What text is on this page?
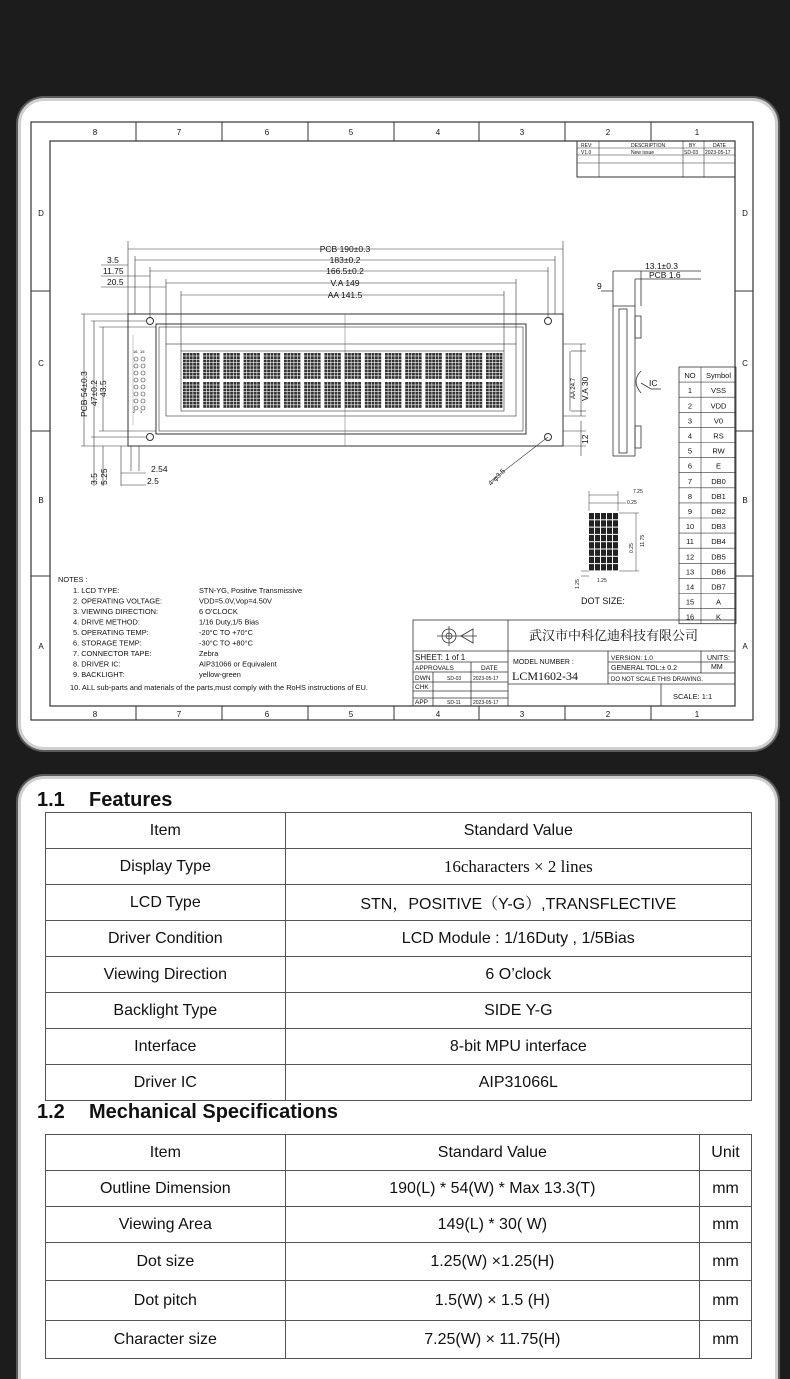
8
8
7
7
6
6
5
5
4
4
3
3
2
2
1
1
D	D
C	C
B	B
A	A
REV:	DESCRIPTION	BY	DATE
V1.0	New issue	SD-03 2023-05-17
16 15
2 1
PCB 190±0.3
183±0.2
166.5±0.2
V.A 149
AA 141.5
3.5
11.75
20.5
PCB 54±0.3 47±0.2 43.5
3.5 5.25	2.54
2.5
V.A 30
AA 24.7
12
4-φ3.5
13.1±0.3
PCB 1.6
9
IC
NO Symbol
1	VSS
2 VDD
3	V0
4	RS
5	RW
6	E
7	DB0
8	DB1
9	DB2
10 DB3
11 DB4
12 DB5
13 DB6
14 DB7
15	A
16	K
7.25
0.25
0.25
11.75
1.25	1.25
DOT SIZE:
NOTES :
1. LCD TYPE:	STN-YG, Positive Transmissive
2. OPERATING VOLTAGE:	VDD=5.0V,Vop=4.50V
3. VIEWING DIRECTION:	6 O'CLOCK
4. DRIVE METHOD:	1/16 Duty,1/5 Bias
5. OPERATING TEMP:	-20°C TO +70°C
6. STORAGE TEMP:	-30°C TO +80°C
7. CONNECTOR TAPE:	Zebra
8. DRIVER IC:	AIP31066 or Equivalent
9. BACKLIGHT:	yellow-green
10. ALL sub-parts and materials of the parts,must comply with the RoHS instructions of EU.
武汉市中科亿迪科技有限公司
SHEET: 1 of 1
APPROVALS	DATE
DWN	SD-03 2023-05-17
CHK
APP	SD-11 2023-05-17
MODEL NUMBER :
LCM1602-34
VERSION: 1.0
GENERAL TOL:± 0.2
UNITS:
MM
DO NOT SCALE THIS DRAWING.
SCALE: 1:1
1.1 Features
Item	Standard Value
Display Type	16characters × 2 lines
LCD Type	STN，POSITIVE（Y-G）,TRANSFLECTIVE
Driver Condition	LCD Module : 1/16Duty , 1/5Bias
Viewing Direction	6 O’clock
Backlight Type	SIDE Y-G
Interface	8-bit MPU interface
Driver IC	AIP31066L
1.2 Mechanical Specifications
Item	Standard Value	Unit
Outline Dimension	190(L) * 54(W) * Max 13.3(T)	mm
Viewing Area	149(L) * 30( W)	mm
Dot size	1.25(W) ×1.25(H)	mm
Dot pitch	1.5(W) × 1.5 (H)	mm
Character size	7.25(W) × 11.75(H)	mm
